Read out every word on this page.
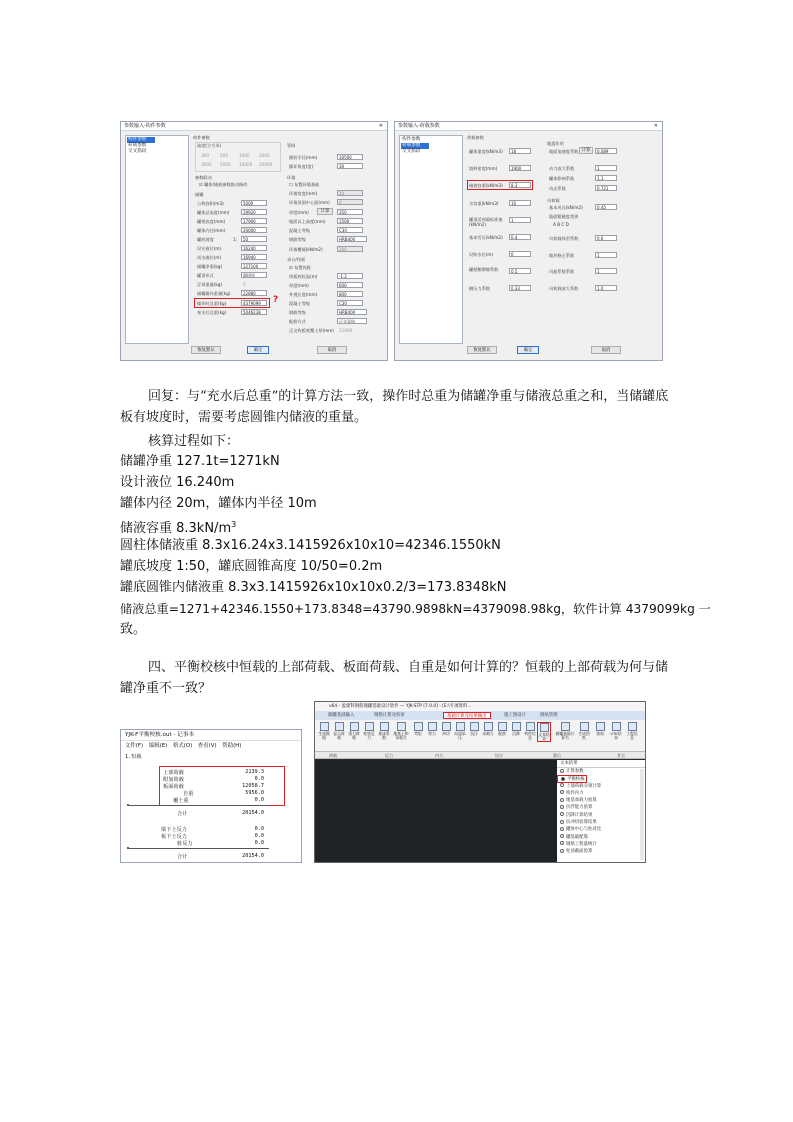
参数输入-构件参数	✕
构件参数
荷载参数
交叉筋段
构件参数
高度(立方米)
300	500	1000 2000
3000 5000 10000 20000
管间
圆柱半径(mm)	10500
圆环角度(度)	30
参数联动
☑ 罐体/储液参数联动修改
储罐
公称容积(m3)	5000
罐体总高度(mm)	19920
罐壁高度(mm)	17900
罐体内径(mm)	20000
罐底坡度	1:	50
设计液位(m)	16240
试水液位(m)	16940
储罐净重(kg)	127100
罐顶形式	圆拱顶
浮顶重量(kg)	0
储罐操作重量(kg)	22880
操作时总重(kg)	4379099	?
充水后总重(kg)	5046238
环墙
☐ 布置环墙基础
环墙宽度(mm)	20
环墙顶面中心面(mm)	0
厚度(mm)	计算	350
地面以上高度(mm)	1500
混凝土等级	C30
钢筋等级	HRB400
环墙覆载(kN/m2)	200
承台/筏板
☑ 布置筏板
筏板底标高(m)	-1.2
厚度(mm)	600
外挑长度(mm)	800
混凝土等级	C30
钢筋等级	HRB400
配筋方式	正交双向
正交筏板底覆土厚(mm) 21000
恢复默认	确定	取消
参数输入-荷载参数	✕
构件参数
荷载参数
交叉筋段
荷载参数
罐体重度(kN/m3)	18
填料密度(mm)	1900
储液容重(kN/m3)	8.3
水容重(kN/m3)	10
罐顶活荷载标准值(kN/m2)
1
基本雪压(kN/m2)	0.4
设防水位(m)	0
罐壁侧摩擦系数	0.5
侧压力系数	0.33
地震作用
地面加速度系数 计算	0.089
动力放大系数	1
罐体影响系数	1.1
动态系数	0.721
风荷载
基本风压(kN/m2)	0.45
地面粗糙度类别
A B C D
风荷载体型系数	0.6
地形修正系数	1
风振系数系数	1
风荷载放大系数	1.0
恢复默认	确定	取消
回复：与“充水后总重”的计算方法一致，操作时总重为储罐净重与储液总重之和，当储罐底板有坡度时，需要考虑圆锥内储液的重量。
核算过程如下：
储罐净重 127.1t=1271kN
设计液位 16.240m
罐体内径 20m，罐体内半径 10m
储液容重 $8.3kN/m^3$
圆柱体储液重 8.3x16.24x3.1415926x10x10=42346.1550kN
罐底坡度 1:50，罐底圆锥高度 10/50=0.2m
罐底圆锥内储液重 8.3x3.1415926x10x10x0.2/3=173.8348kN
储液总重=1271+42346.1550+173.8348=43790.9898kN=4379098.98kg，软件计算 4379099kg 一
致。
四、平衡校核中恒载的上部荷载、板面荷载、自重是如何计算的？恒载的上部荷载为何与储罐净重不一致？
YJK-F平衡校核.out - 记事本
文件(F) 编辑(E) 格式(O) 查看(V) 帮助(H)
1.恒载
上部荷载	2139.3
附加荷载	0.0
板面荷载	12058.7
自重	5956.0
覆土重	0.0
合计	20154.0
梁下土反力	0.0
板下土反力	0.0
桩反力	0.0
合计	20154.0
v64 - 盈建科钢筋储罐基础设计软件 — YJK-STP [7.0.0] - [E:\专项资料...
储罐基础输入	钢筋计算及校审	基础计算及结果输出	施工图设计	图纸管理
生成数据
显示荷载
重力荷载
柱底反力
基床系数
地基土和承载力
弯矩	剪力	冲切	局部承压
抗浮	承载力	配筋	沉降	构件信息
文本结果
储罐基础计算书
生成图纸
查询	VTK结果
工程信息
荷载	反力	内力	设计	算后	其它
文本结果
计算参数
平衡校核
上部荷载分项计算
构件内力
地基承载力验算
抗浮能力验算
沉降计算结果
抗冲切验算结果
罐体中心与柱对比
罐基础配筋
钢筋工程量统计
柱顶截面验算
